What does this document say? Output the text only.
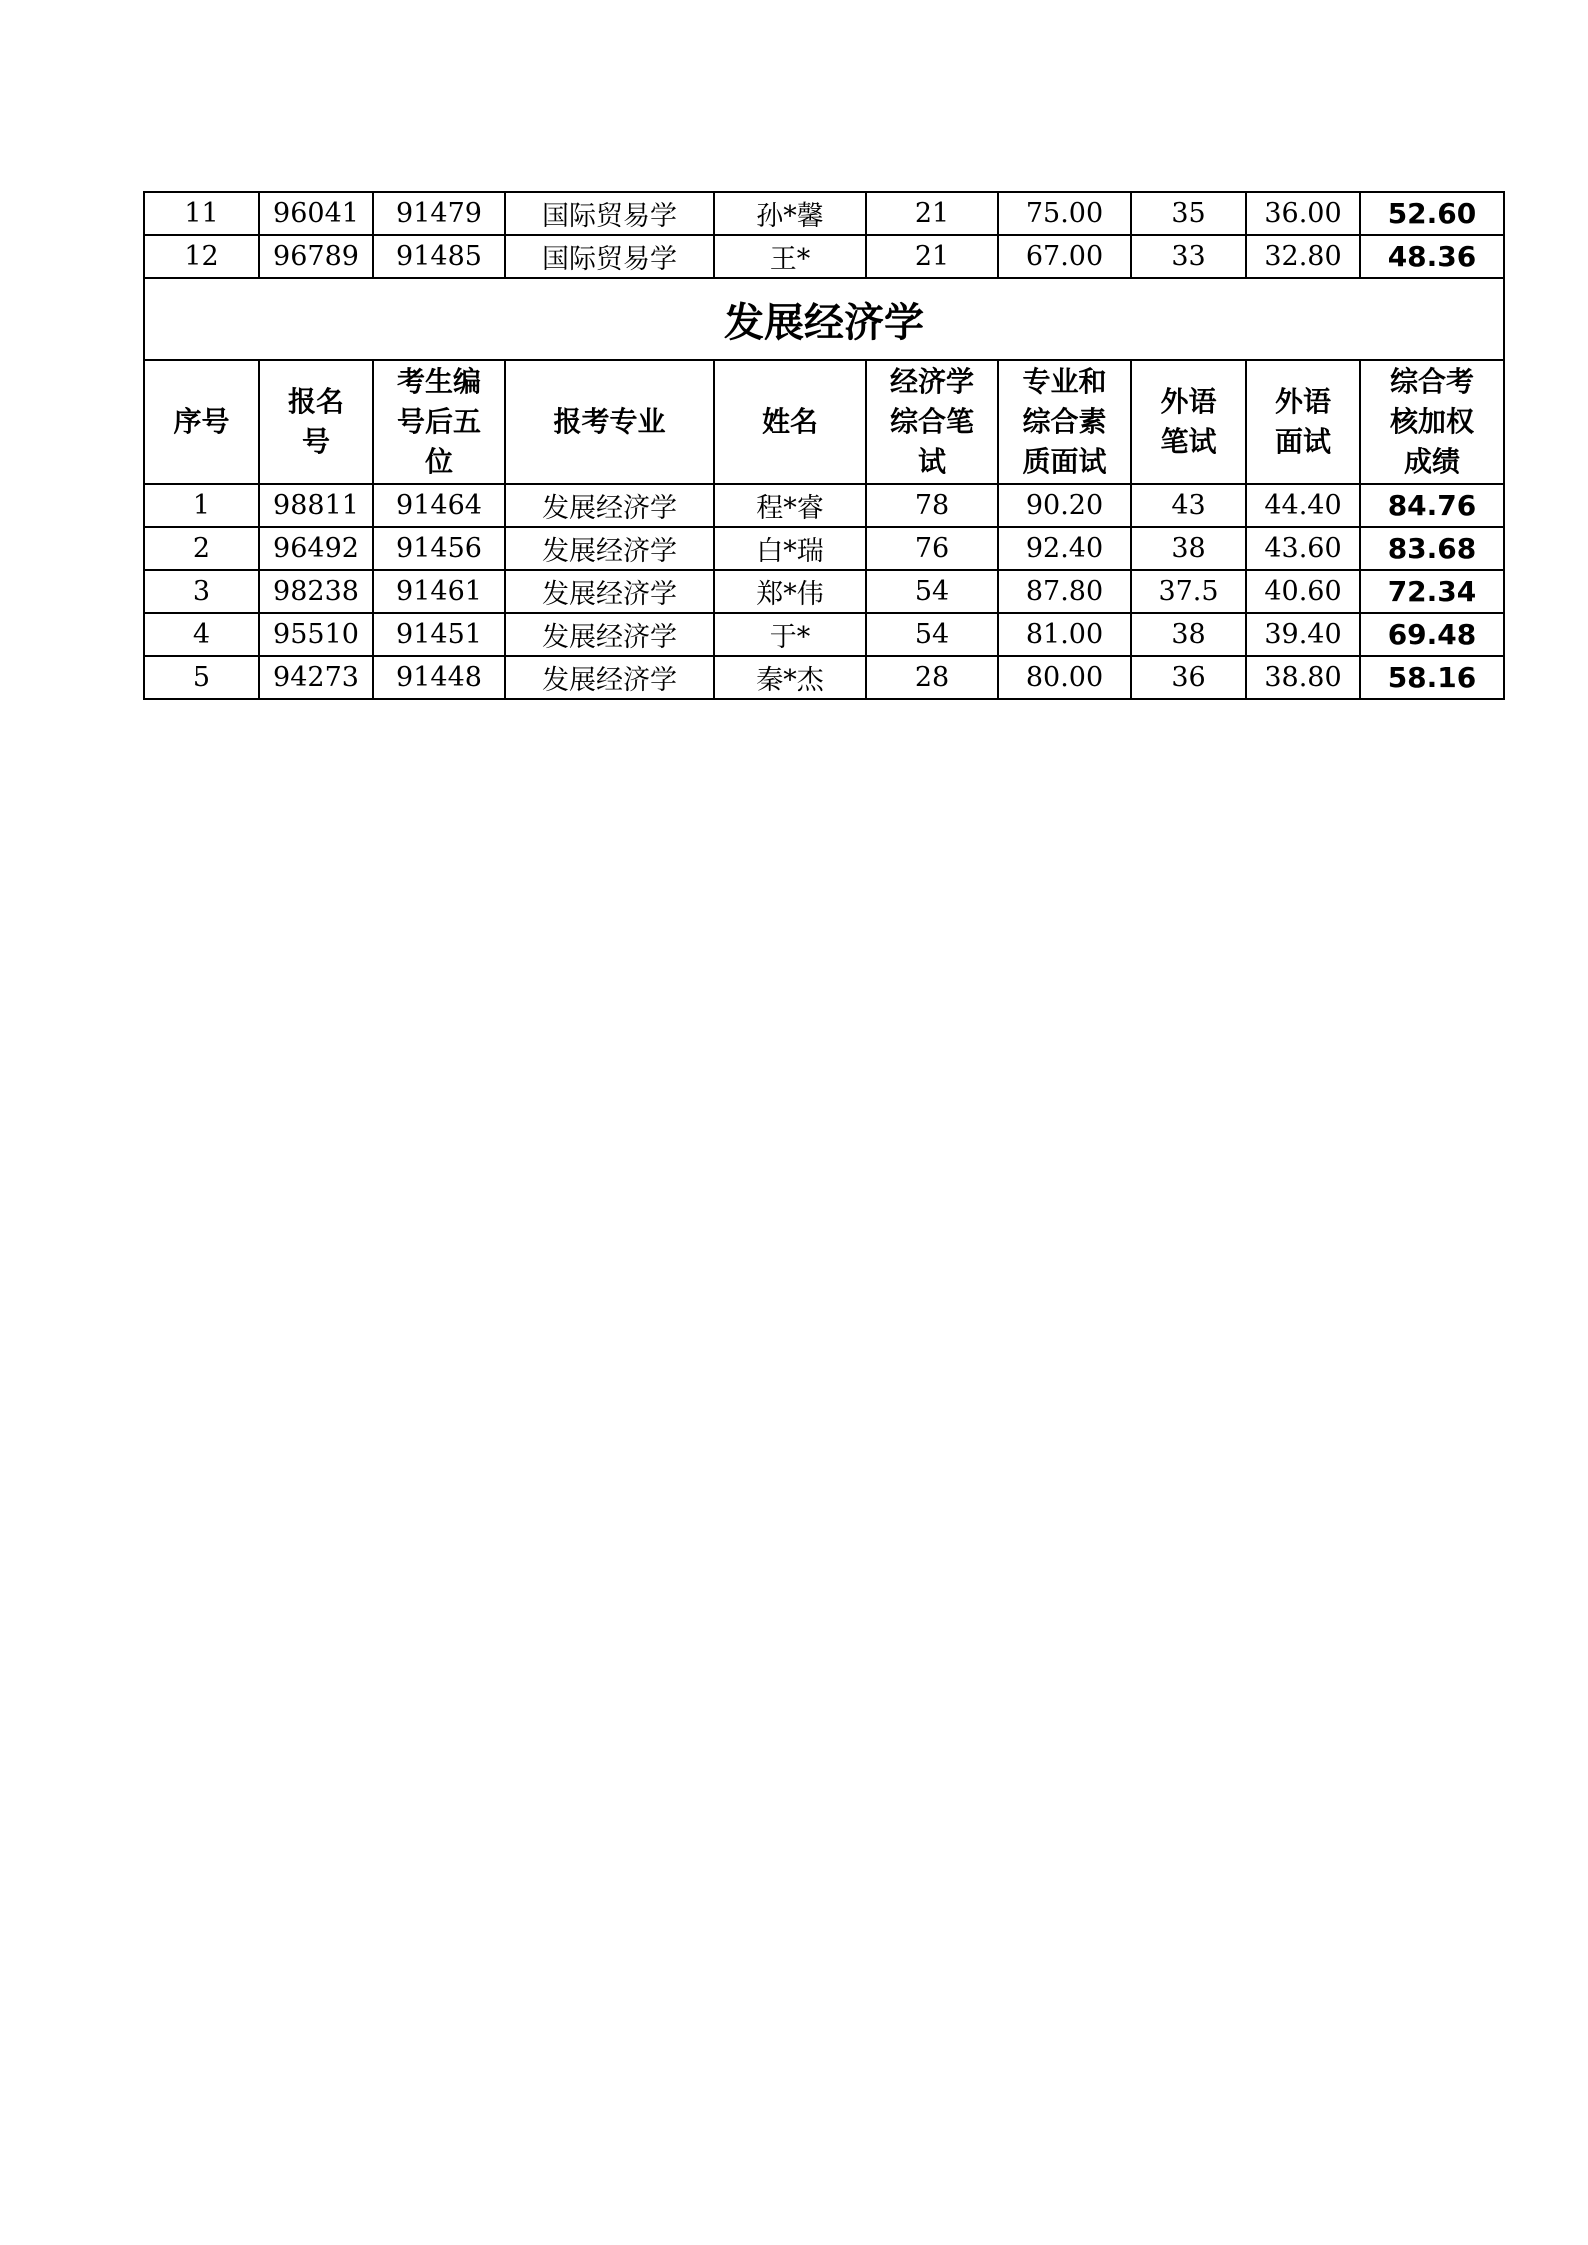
11	96041	91479	国际贸易学	孙*馨	21	75.00	35	36.00	52.60
12	96789	91485	国际贸易学	王*	21	67.00	33	32.80	48.36
发展经济学									
序号	报名号	考生编号后五位	报考专业	姓名	经济学综合笔试	专业和综合素质面试	外语笔试	外语面试	综合考核加权成绩
1	98811	91464	发展经济学	程*睿	78	90.20	43	44.40	84.76
2	96492	91456	发展经济学	白*瑞	76	92.40	38	43.60	83.68
3	98238	91461	发展经济学	郑*伟	54	87.80	37.5	40.60	72.34
4	95510	91451	发展经济学	于*	54	81.00	38	39.40	69.48
5	94273	91448	发展经济学	秦*杰	28	80.00	36	38.80	58.16
